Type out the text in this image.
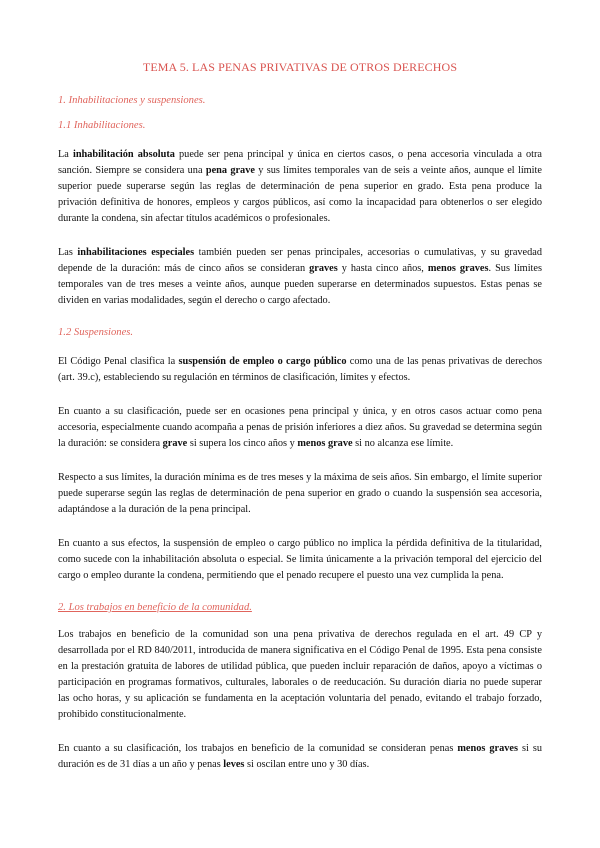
TEMA 5. LAS PENAS PRIVATIVAS DE OTROS DERECHOS
1. Inhabilitaciones y suspensiones.
1.1 Inhabilitaciones.

La inhabilitación absoluta puede ser pena principal y única en ciertos casos, o pena accesoria vinculada a otra sanción. Siempre se considera una pena grave y sus límites temporales van de seis a veinte años, aunque el límite superior puede superarse según las reglas de determinación de pena superior en grado. Esta pena produce la privación definitiva de honores, empleos y cargos públicos, así como la incapacidad para obtenerlos o ser elegido durante la condena, sin afectar títulos académicos o profesionales.

Las inhabilitaciones especiales también pueden ser penas principales, accesorias o cumulativas, y su gravedad depende de la duración: más de cinco años se consideran graves y hasta cinco años, menos graves. Sus límites temporales van de tres meses a veinte años, aunque pueden superarse en determinados supuestos. Estas penas se dividen en varias modalidades, según el derecho o cargo afectado.

1.2 Suspensiones.

El Código Penal clasifica la suspensión de empleo o cargo público como una de las penas privativas de derechos (art. 39.c), estableciendo su regulación en términos de clasificación, límites y efectos.

En cuanto a su clasificación, puede ser en ocasiones pena principal y única, y en otros casos actuar como pena accesoria, especialmente cuando acompaña a penas de prisión inferiores a diez años. Su gravedad se determina según la duración: se considera grave si supera los cinco años y menos grave si no alcanza ese límite.

Respecto a sus límites, la duración mínima es de tres meses y la máxima de seis años. Sin embargo, el límite superior puede superarse según las reglas de determinación de pena superior en grado o cuando la suspensión sea accesoria, adaptándose a la duración de la pena principal.

En cuanto a sus efectos, la suspensión de empleo o cargo público no implica la pérdida definitiva de la titularidad, como sucede con la inhabilitación absoluta o especial. Se limita únicamente a la privación temporal del ejercicio del cargo o empleo durante la condena, permitiendo que el penado recupere el puesto una vez cumplida la pena.

2. Los trabajos en beneficio de la comunidad.

Los trabajos en beneficio de la comunidad son una pena privativa de derechos regulada en el art. 49 CP y desarrollada por el RD 840/2011, introducida de manera significativa en el Código Penal de 1995. Esta pena consiste en la prestación gratuita de labores de utilidad pública, que pueden incluir reparación de daños, apoyo a víctimas o participación en programas formativos, culturales, laborales o de reeducación. Su duración diaria no puede superar las ocho horas, y su aplicación se fundamenta en la aceptación voluntaria del penado, evitando el trabajo forzado, prohibido constitucionalmente.

En cuanto a su clasificación, los trabajos en beneficio de la comunidad se consideran penas menos graves si su duración es de 31 días a un año y penas leves si oscilan entre uno y 30 días.
